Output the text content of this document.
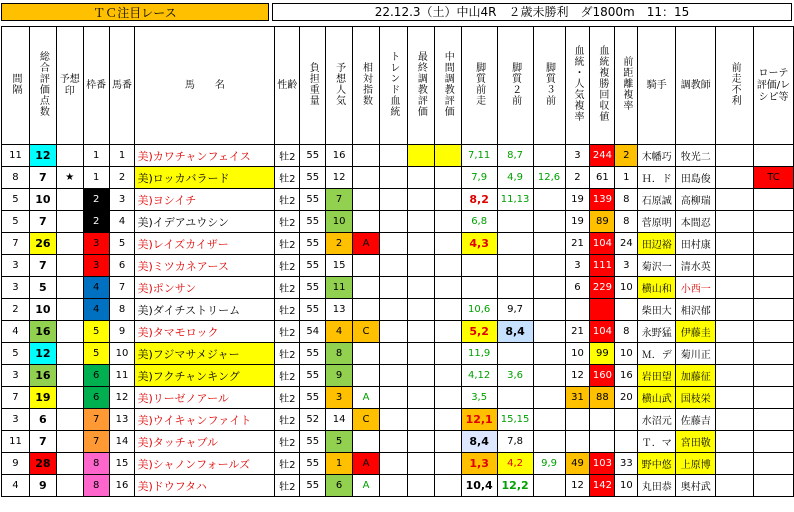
ＴＣ注目レース	22.12.3（土）中山4R　２歳未勝利　ダ1800m　11：15
間隔	総合評価点数	予想印	枠番	馬番	馬　　名	性齢	負担重量	予想人気	相対指数	トレンド血統	最終調教評価	中間調教評価	脚質前走	脚質２前	脚質３前	血統・人気複率	血統複勝回収値	前距離複率	騎手	調教師	前走不利	ローテ評価/レシピ等
11	12		1	1	美)カワチャンフェイス	牡2	55	16					7,11	8,7		3	244	2	木幡巧	牧光二		
8	7	★	1	2	美)ロッカバラード	牡2	55	12					7,9	4,9	12,6	2	61	1	Ｈ．ド	田島俊		TC
5	10		2	3	美)ヨシイチ	牡2	55	7					8,2	11,13		19	139	8	石原誠	高柳瑞		
5	7		2	4	美)イデアユウシン	牡2	55	10					6,8			19	89	8	菅原明	本間忍		
7	26		3	5	美)レイズカイザー	牡2	55	2	A				4,3			21	104	24	田辺裕	田村康		
3	7		3	6	美)ミツカネアース	牡2	55	15								3	111	3	菊沢一	清水英		
3	5		4	7	美)ポンサン	牡2	55	11								6	229	10	横山和	小西一		
2	10		4	8	美)ダイチストリーム	牡2	55	13					10,6	9,7					柴田大	相沢郁		
4	16		5	9	美)タマモロック	牡2	54	4	C				5,2	8,4		21	104	8	永野猛	伊藤圭		
5	12		5	10	美)フジマサメジャー	牡2	55	8					11,9			10	99	10	Ｍ．デ	菊川正		
3	16		6	11	美)フクチャンキング	牡2	55	9					4,12	3,6		12	160	16	岩田望	加藤征		
7	19		6	12	美)リーゼノアール	牡2	55	3	A				3,5			31	88	20	横山武	国枝栄		
3	6		7	13	美)ウイキャンファイト	牡2	52	14	C				12,1	15,15					水沼元	佐藤吉		
11	7		7	14	美)タッチャブル	牡2	55	5					8,4	7,8					Ｔ．マ	宮田敬		
9	28		8	15	美)シャノンフォールズ	牡2	55	1	A				1,3	4,2	9,9	49	103	33	野中悠	上原博		
4	9		8	16	美)ドウフタハ	牡2	55	6	A				10,4	12,2		12	142	10	丸田恭	奥村武		
